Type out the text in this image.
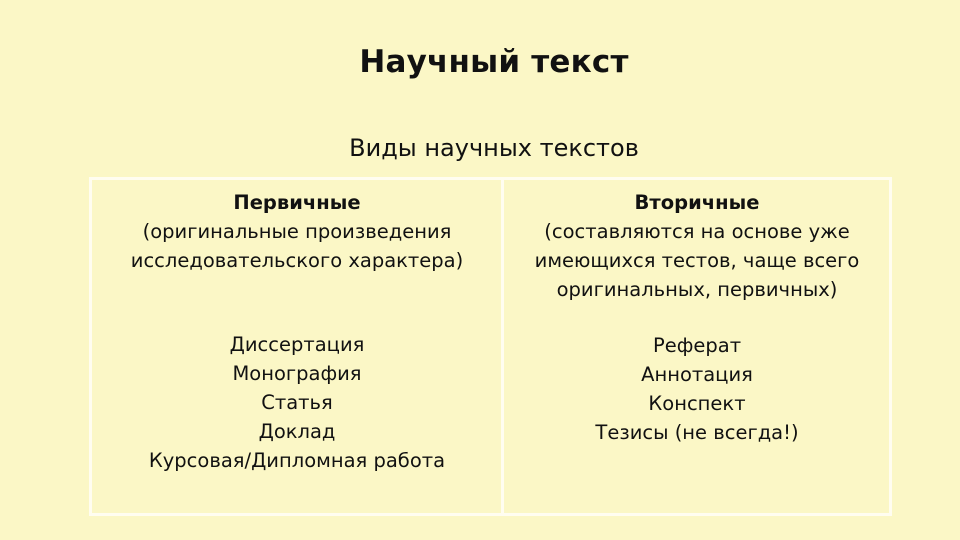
Научный текст
Виды научных текстов
Первичные
(оригинальные произведения
исследовательского характера)
Диссертация
Монография
Статья
Доклад
Курсовая/Дипломная работа
Вторичные
(составляются на основе уже
имеющихся тестов, чаще всего
оригинальных, первичных)
Реферат
Аннотация
Конспект
Тезисы (не всегда!)
